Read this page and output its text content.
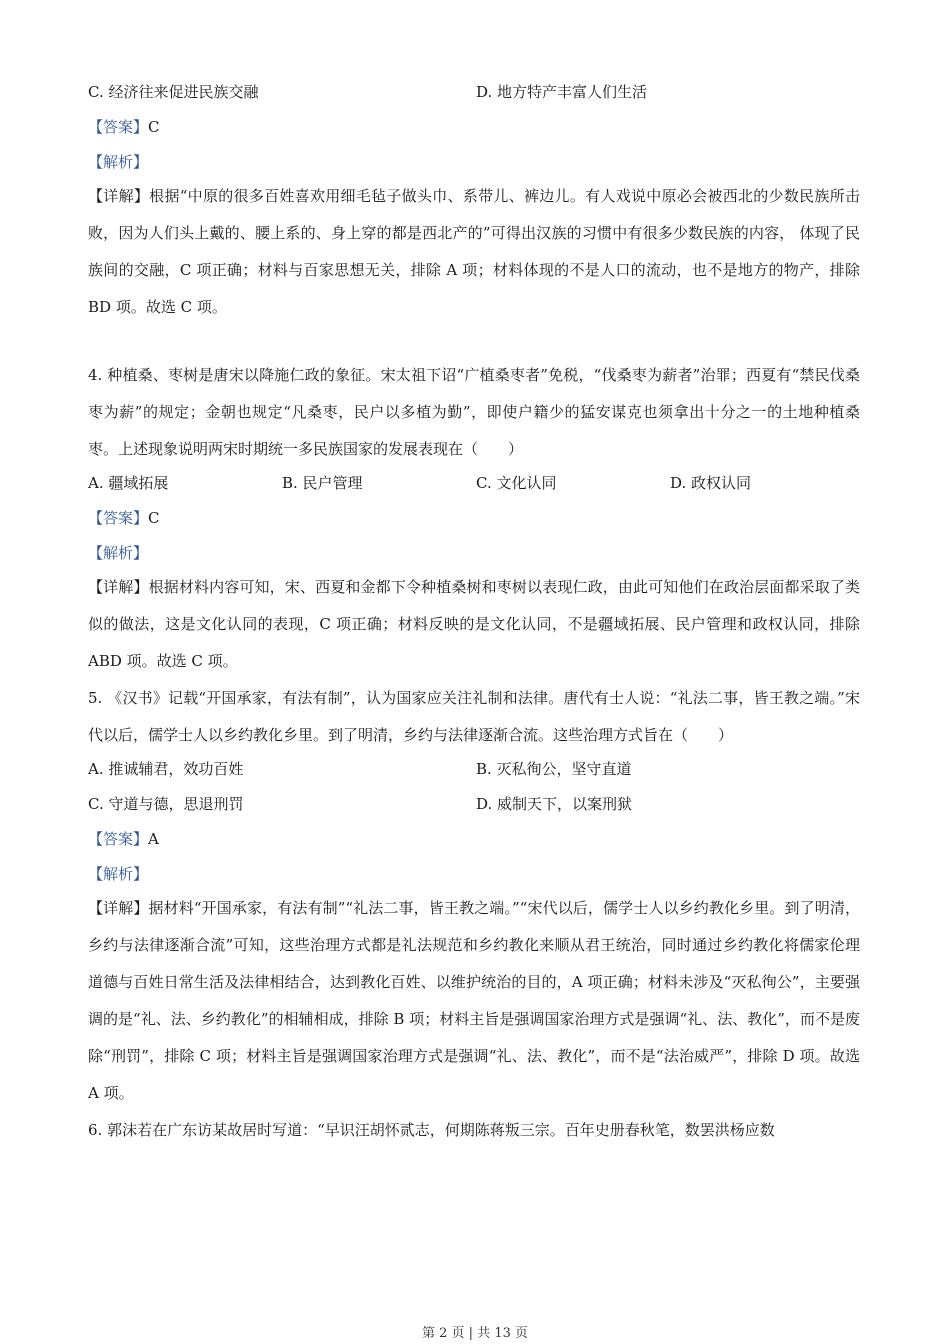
C. 经济往来促进民族交融	D. 地方特产丰富人们生活
【答案】C
【解析】

【详解】根据“中原的很多百姓喜欢用细毛毡子做头巾、系带儿、裤边儿。有人戏说中原必会被西北的少数民族所击败，因为人们头上戴的、腰上系的、身上穿的都是西北产的”可得出汉族的习惯中有很多少数民族的内容， 体现了民族间的交融，C 项正确；材料与百家思想无关，排除 A 项；材料体现的不是人口的流动，也不是地方的物产，排除 BD 项。故选 C 项。

4. 种植桑、枣树是唐宋以降施仁政的象征。宋太祖下诏“广植桑枣者”免税，“伐桑枣为薪者”治罪；西夏有“禁民伐桑枣为薪”的规定；金朝也规定“凡桑枣，民户以多植为勤”，即使户籍少的猛安谋克也须拿出十分之一的土地种植桑枣。上述现象说明两宋时期统一多民族国家的发展表现在（　　）

A. 疆域拓展	B. 民户管理	C. 文化认同	D. 政权认同
【答案】C
【解析】

【详解】根据材料内容可知，宋、西夏和金都下令种植桑树和枣树以表现仁政，由此可知他们在政治层面都采取了类似的做法，这是文化认同的表现，C 项正确；材料反映的是文化认同，不是疆域拓展、民户管理和政权认同，排除 ABD 项。故选 C 项。

5. 《汉书》记载“开国承家，有法有制”，认为国家应关注礼制和法律。唐代有士人说：“礼法二事，皆王教之端。”宋代以后，儒学士人以乡约教化乡里。到了明清，乡约与法律逐渐合流。这些治理方式旨在（　　）

A. 推诚辅君，效功百姓	B. 灭私徇公，坚守直道
C. 守道与德，思退刑罚	D. 威制天下，以案刑狱
【答案】A
【解析】

【详解】据材料“开国承家，有法有制”“礼法二事，皆王教之端。”“宋代以后，儒学士人以乡约教化乡里。到了明清，乡约与法律逐渐合流”可知，这些治理方式都是礼法规范和乡约教化来顺从君王统治，同时通过乡约教化将儒家伦理道德与百姓日常生活及法律相结合，达到教化百姓、以维护统治的目的，A 项正确；材料未涉及“灭私徇公”，主要强调的是“礼、法、乡约教化”的相辅相成，排除 B 项；材料主旨是强调国家治理方式是强调“礼、法、教化”，而不是废除“刑罚”，排除 C 项；材料主旨是强调国家治理方式是强调“礼、法、教化”，而不是“法治威严”，排除 D 项。故选 A 项。

6. 郭沫若在广东访某故居时写道：“早识汪胡怀贰志，何期陈蒋叛三宗。百年史册春秋笔，数罢洪杨应数

第 2 页 | 共 13 页
